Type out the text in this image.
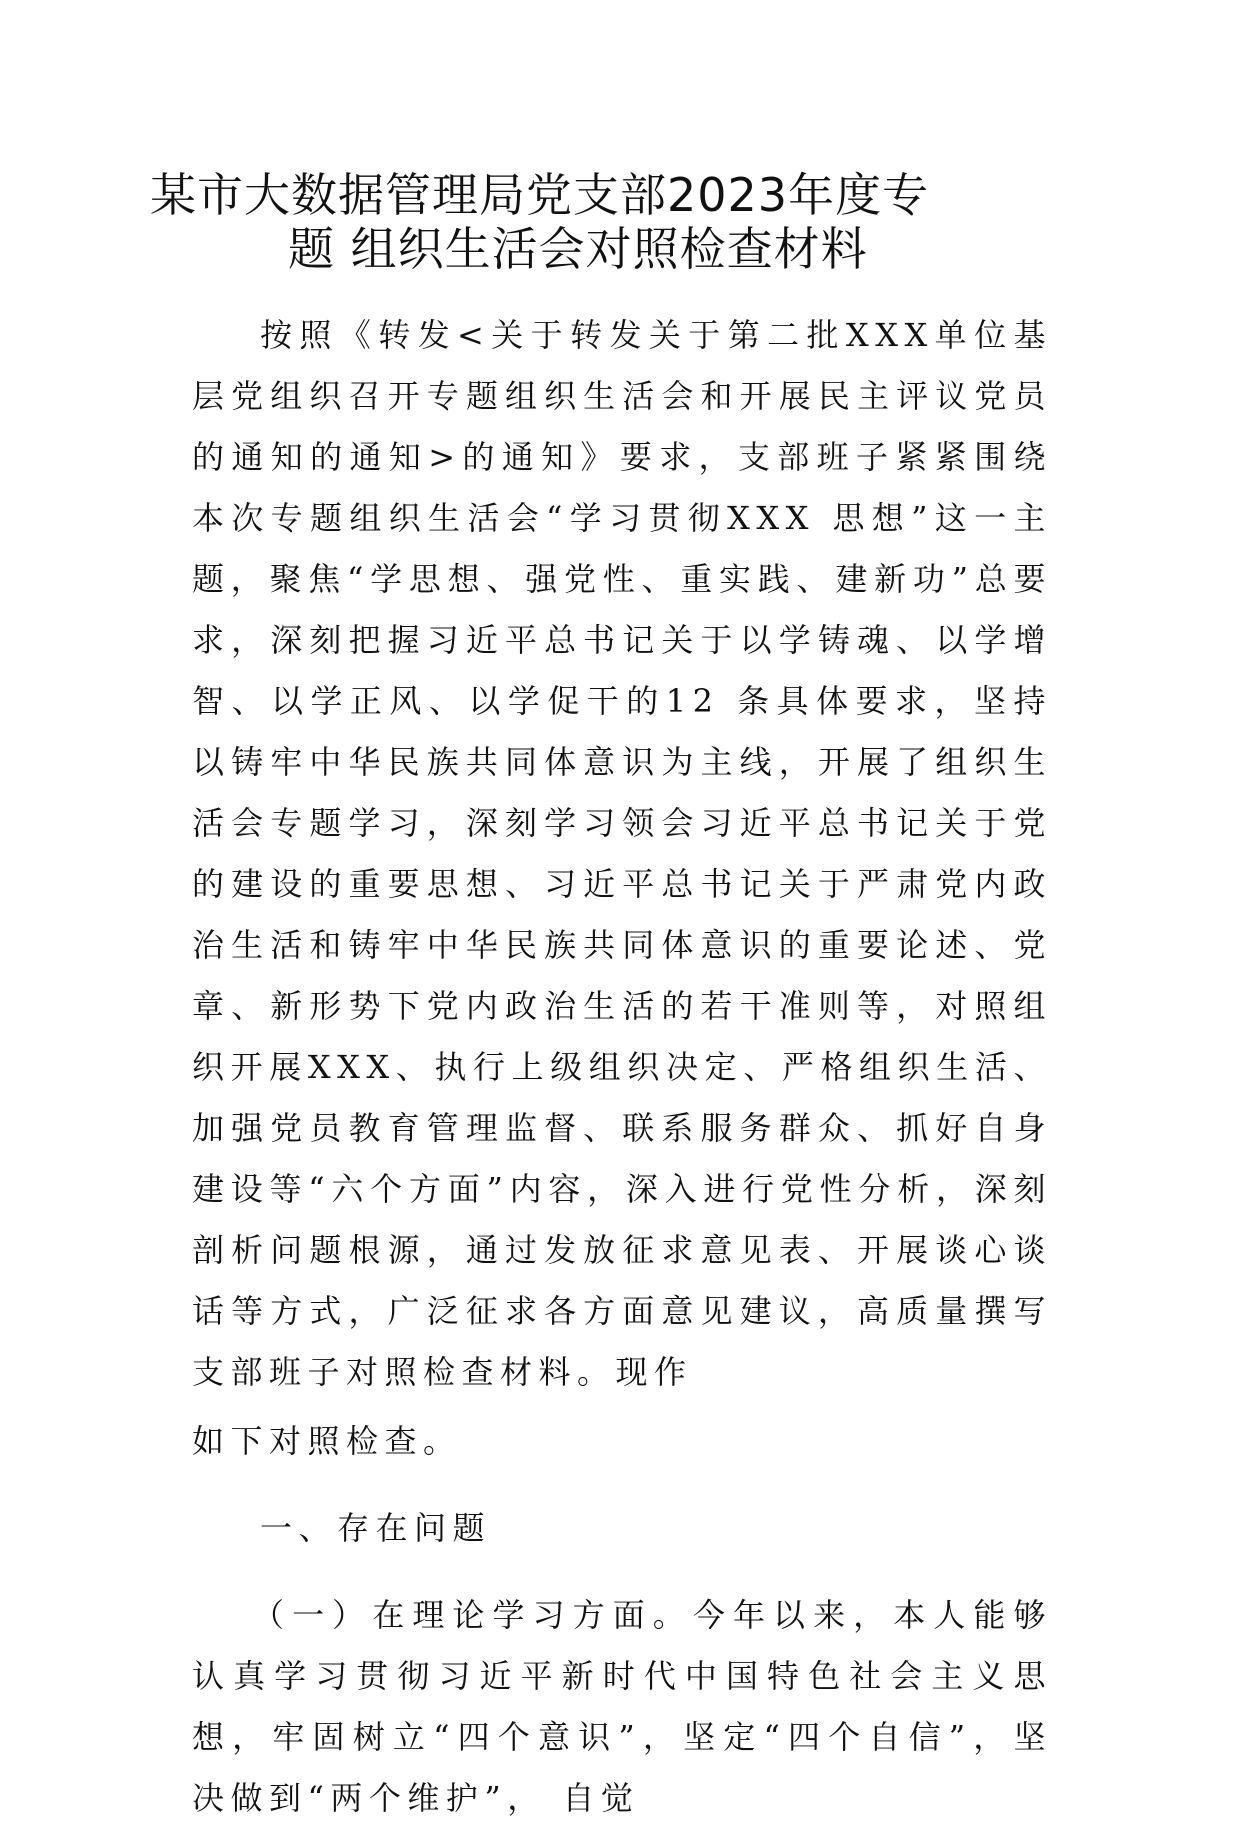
某市大数据管理局党支部2023年度专
题 组织生活会对照检查材料

按照《转发<关于转发关于第二批XXX单位基层党组织召开专题组织生活会和开展民主评议党员的通知的通知>的通知》要求，支部班子紧紧围绕本次专题组织生活会“学习贯彻XXX 思想”这一主题，聚焦“学思想、强党性、重实践、建新功”总要求，深刻把握习近平总书记关于以学铸魂、以学增智、以学正风、以学促干的12 条具体要求，坚持以铸牢中华民族共同体意识为主线，开展了组织生活会专题学习，深刻学习领会习近平总书记关于党的建设的重要思想、习近平总书记关于严肃党内政治生活和铸牢中华民族共同体意识的重要论述、党章、新形势下党内政治生活的若干准则等，对照组织开展XXX、执行上级组织决定、严格组织生活、加强党员教育管理监督、联系服务群众、抓好自身建设等“六个方面”内容，深入进行党性分析，深刻剖析问题根源，通过发放征求意见表、开展谈心谈话等方式，广泛征求各方面意见建议，高质量撰写支部班子对照检查材料。现作
如下对照检查。

一、存在问题

（一）在理论学习方面。今年以来，本人能够认真学习贯彻习近平新时代中国特色社会主义思想，牢固树立“四个意识”，坚定“四个自信”，坚决做到“两个维护”， 自觉
